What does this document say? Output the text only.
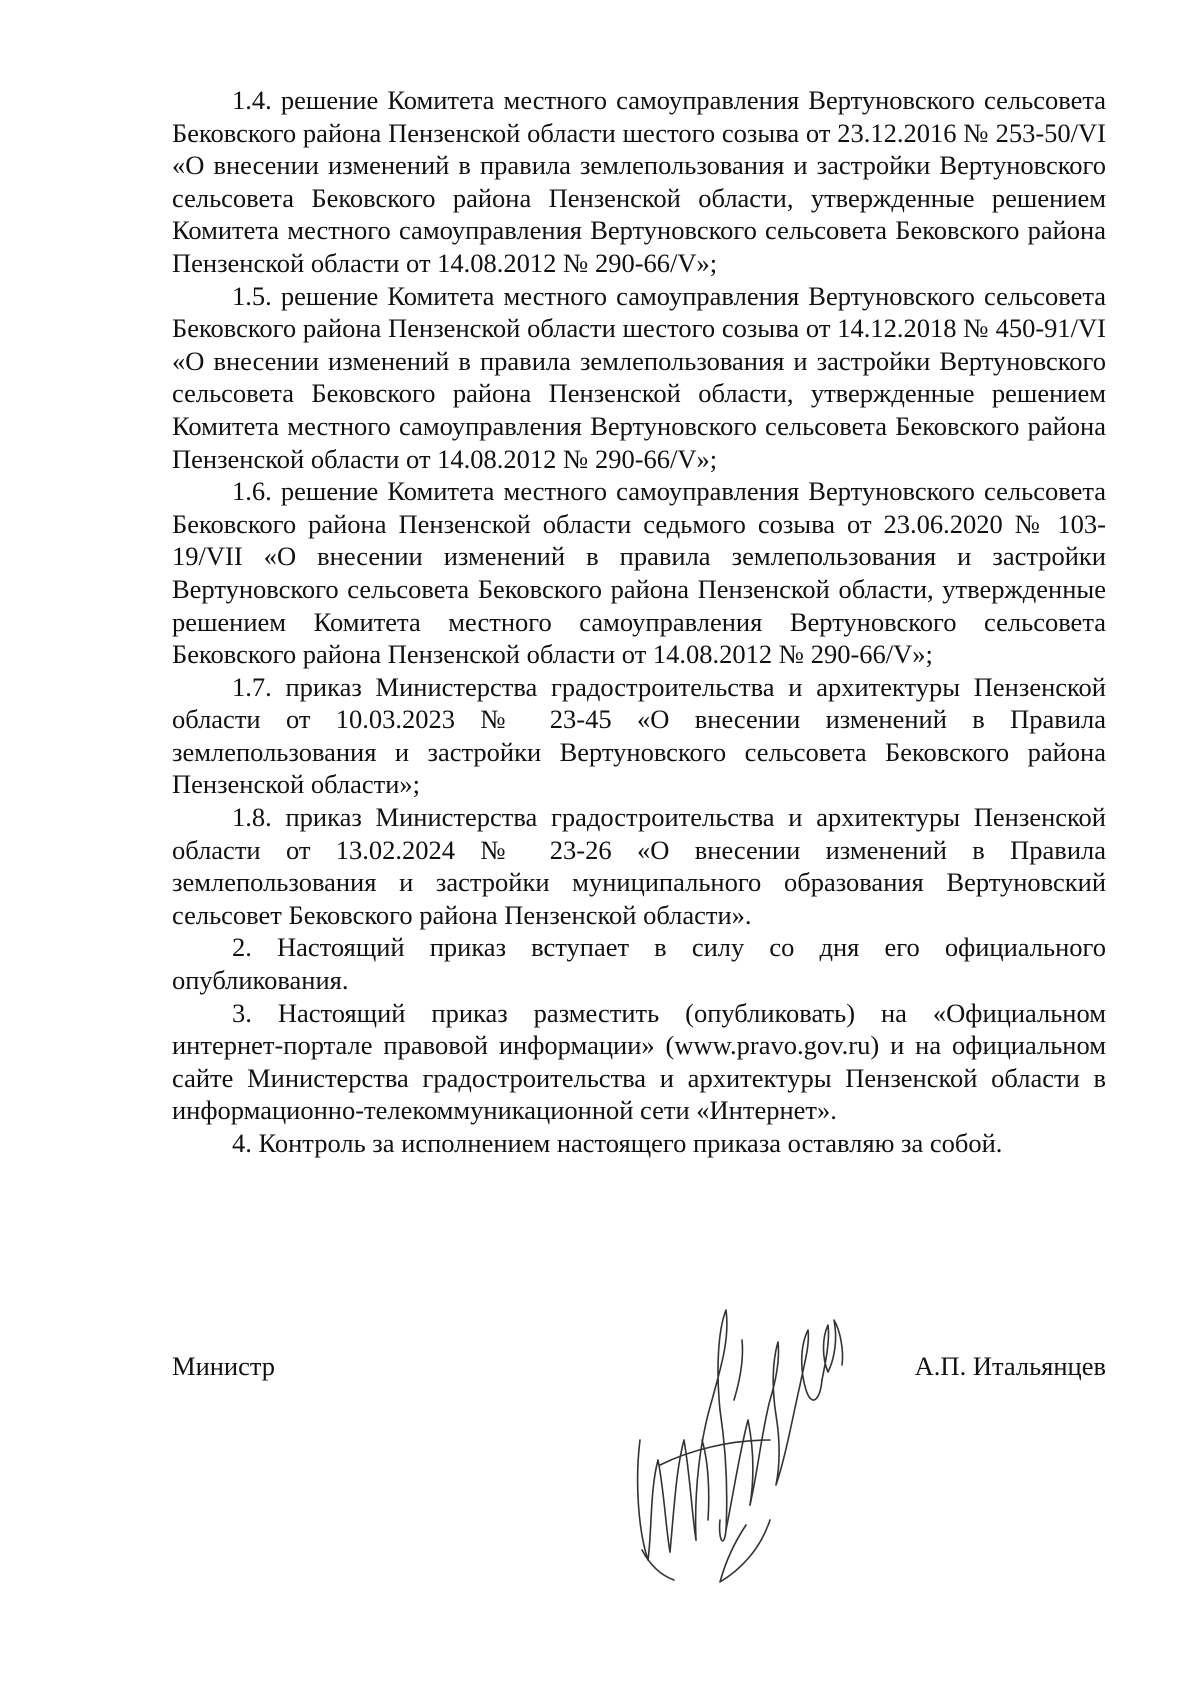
1.4. решение Комитета местного самоуправления Вертуновского сельсовета Бековского района Пензенской области шестого созыва от 23.12.2016 № 253-50/VI «О внесении изменений в правила землепользования и застройки Вертуновского сельсовета Бековского района Пензенской области, утвержденные решением Комитета местного самоуправления Вертуновского сельсовета Бековского района Пензенской области от 14.08.2012 № 290-66/V»;

1.5. решение Комитета местного самоуправления Вертуновского сельсовета Бековского района Пензенской области шестого созыва от 14.12.2018 № 450-91/VI «О внесении изменений в правила землепользования и застройки Вертуновского сельсовета Бековского района Пензенской области, утвержденные решением Комитета местного самоуправления Вертуновского сельсовета Бековского района Пензенской области от 14.08.2012 № 290-66/V»;

1.6. решение Комитета местного самоуправления Вертуновского сельсовета Бековского района Пензенской области седьмого созыва от 23.06.2020 № 103-19/VII «О внесении изменений в правила землепользования и застройки Вертуновского сельсовета Бековского района Пензенской области, утвержденные решением Комитета местного самоуправления Вертуновского сельсовета Бековского района Пензенской области от 14.08.2012 № 290-66/V»;

1.7. приказ Министерства градостроительства и архитектуры Пензенской области от 10.03.2023 № 23-45 «О внесении изменений в Правила землепользования и застройки Вертуновского сельсовета Бековского района Пензенской области»;

1.8. приказ Министерства градостроительства и архитектуры Пензенской области от 13.02.2024 № 23-26 «О внесении изменений в Правила землепользования и застройки муниципального образования Вертуновский сельсовет Бековского района Пензенской области».

2. Настоящий приказ вступает в силу со дня его официального опубликования.

3. Настоящий приказ разместить (опубликовать) на «Официальном интернет-портале правовой информации» (www.pravo.gov.ru) и на официальном сайте Министерства градостроительства и архитектуры Пензенской области в информационно-телекоммуникационной сети «Интернет».

4. Контроль за исполнением настоящего приказа оставляю за собой.

Министр	А.П. Итальянцев
